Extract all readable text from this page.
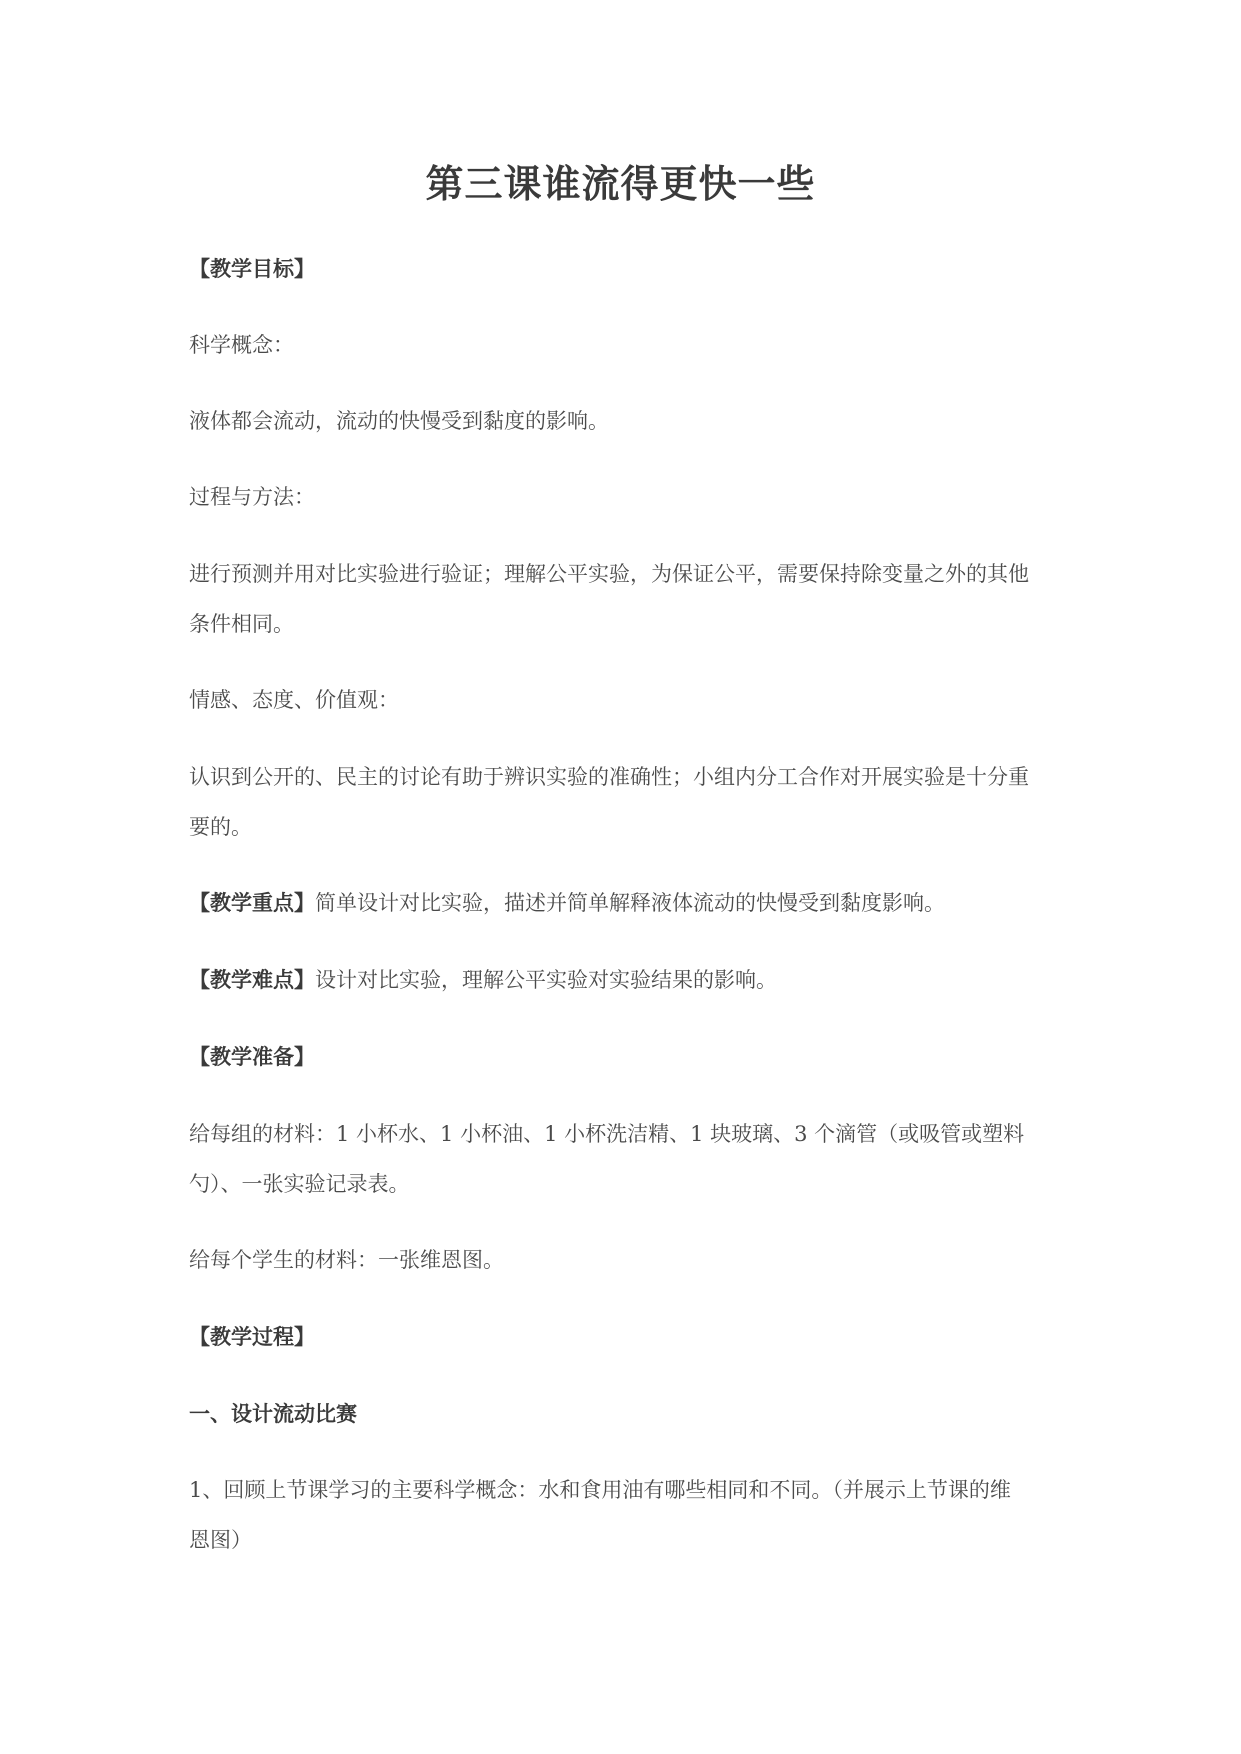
第三课谁流得更快一些
【教学目标】
科学概念：
液体都会流动，流动的快慢受到黏度的影响。
过程与方法：
进行预测并用对比实验进行验证；理解公平实验，为保证公平，需要保持除变量之外的其他
条件相同。
情感、态度、价值观：
认识到公开的、民主的讨论有助于辨识实验的准确性；小组内分工合作对开展实验是十分重
要的。
【教学重点】简单设计对比实验，描述并简单解释液体流动的快慢受到黏度影响。
【教学难点】设计对比实验，理解公平实验对实验结果的影响。
【教学准备】
给每组的材料：1 小杯水、1 小杯油、1 小杯洗洁精、1 块玻璃、3 个滴管（或吸管或塑料
勺）、一张实验记录表。
给每个学生的材料：一张维恩图。
【教学过程】
一、设计流动比赛
1、回顾上节课学习的主要科学概念：水和食用油有哪些相同和不同。（并展示上节课的维
恩图）
